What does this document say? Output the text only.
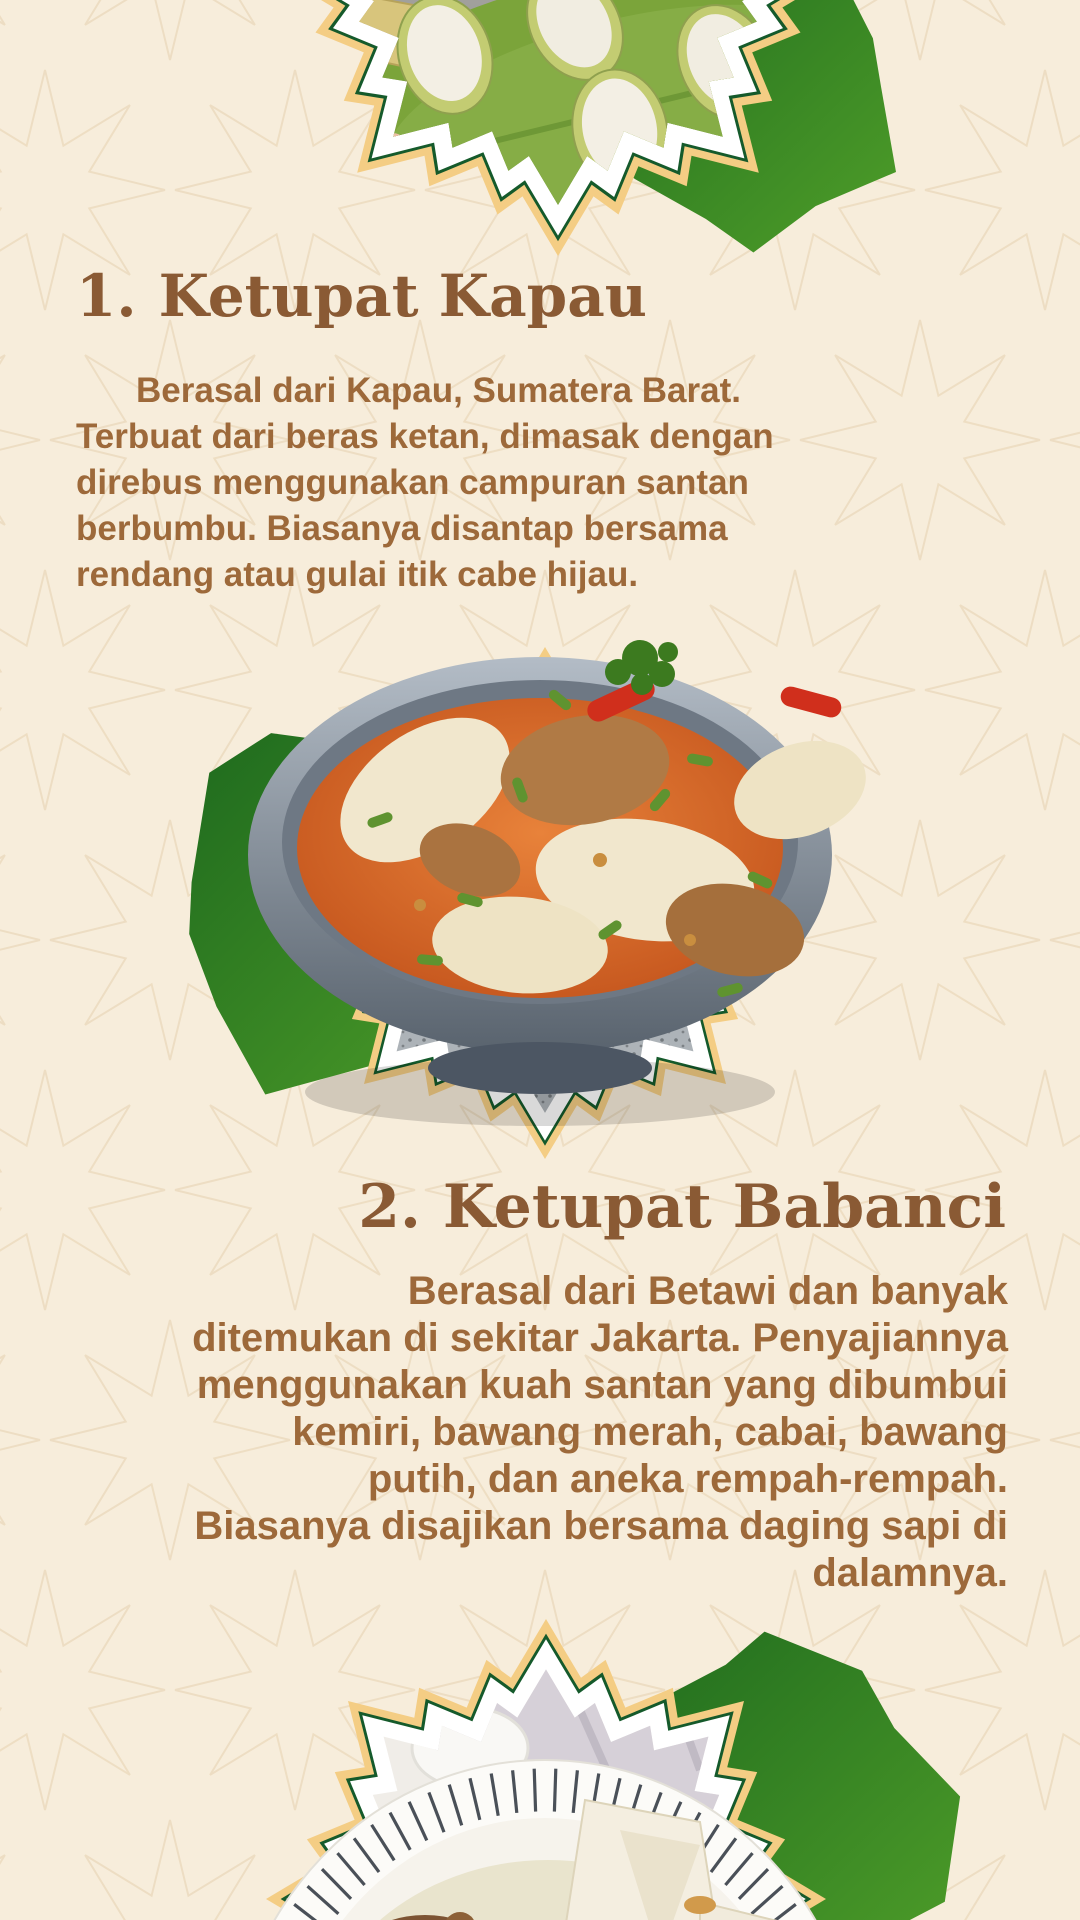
1. Ketupat Kapau
Berasal dari Kapau, Sumatera Barat.
Terbuat dari beras ketan, dimasak dengan
direbus menggunakan campuran santan
berbumbu. Biasanya disantap bersama
rendang atau gulai itik cabe hijau.
2. Ketupat Babanci
Berasal dari Betawi dan banyak
ditemukan di sekitar Jakarta. Penyajiannya
menggunakan kuah santan yang dibumbui
kemiri, bawang merah, cabai, bawang
putih, dan aneka rempah-rempah.
Biasanya disajikan bersama daging sapi di
dalamnya.
